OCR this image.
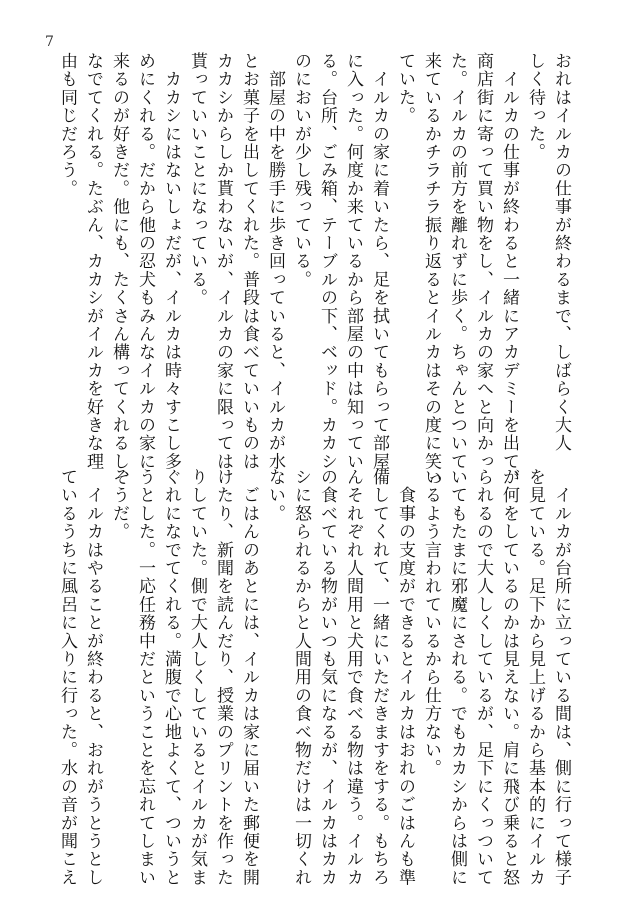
7
おれはイルカの仕事が終わるまで、しばらく大人
しく待った。
　イルカの仕事が終わると一緒にアカデミーを出て、
商店街に寄って買い物をし、イルカの家へと向かっ
た。イルカの前方を離れずに歩く。ちゃんとついて
来ているかチラチラ振り返るとイルカはその度に笑っ
ていた。
　イルカの家に着いたら、足を拭いてもらって部屋
に入った。何度か来ているから部屋の中は知ってい
る。台所、ごみ箱、テーブルの下、ベッド。カカシ
のにおいが少し残っている。
　部屋の中を勝手に歩き回っていると、イルカが水
とお菓子を出してくれた。普段は食べていいものは
カカシからしか貰わないが、イルカの家に限っては
貰っていいことになっている。
　カカシにはないしょだが、イルカは時々すこし多
めにくれる。だから他の忍犬もみんなイルカの家に
来るのが好きだ。他にも、たくさん構ってくれるし、
なでてくれる。たぶん、カカシがイルカを好きな理
由も同じだろう。
　イルカが台所に立っている間は、側に行って様子
を見ている。足下から見上げるから基本的にイルカ
が何をしているのかは見えない。肩に飛び乗ると怒
られるので大人しくしているが、足下にくっついて
いてもたまに邪魔にされる。でもカカシからは側に
いるよう言われているから仕方ない。
　食事の支度ができるとイルカはおれのごはんも準
備してくれて、一緒にいただきますをする。もちろ
んそれぞれ人間用と犬用で食べる物は違う。イルカ
の食べている物がいつも気になるが、イルカはカカ
シに怒られるからと人間用の食べ物だけは一切くれ
ない。
　ごはんのあとには、イルカは家に届いた郵便を開
けたり、新聞を読んだり、授業のプリントを作った
りしていた。側で大人しくしているとイルカが気ま
ぐれになでてくれる。満腹で心地よくて、ついうと
うとした。一応任務中だということを忘れてしまい
そうだ。
　イルカはやることが終わると、おれがうとうとし
ているうちに風呂に入りに行った。水の音が聞こえ
